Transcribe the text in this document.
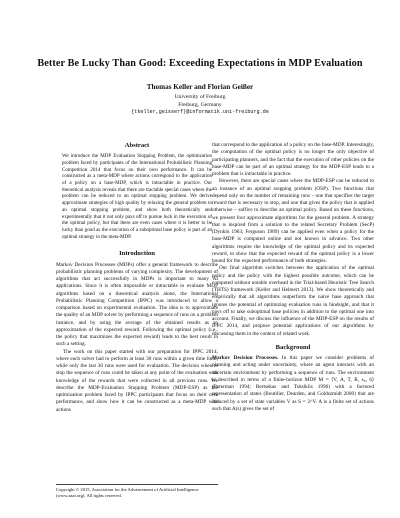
Better Be Lucky Than Good: Exceeding Expectations in MDP Evaluation
Thomas Keller and Florian Geißer
University of Freiburg
Freiburg, Germany
{tkeller,geisserf}@informatik.uni-freiburg.de
Abstract

We introduce the MDP Evaluation Stopping Problem, the optimization problem faced by participants of the International Probabilistic Planning Competition 2014 that focus on their own performance. It can be constructed as a meta-MDP where actions correspond to the application of a policy on a base-MDP, which is intractable in practice. Our theoretical analysis reveals that there are tractable special cases where the problem can be reduced to an optimal stopping problem. We derive approximate strategies of high quality by relaxing the general problem to an optimal stopping problem, and show both theoretically and experimentally that it not only pays off to pursue luck in the execution of the optimal policy, but that there are even cases where it is better to be lucky than good as the execution of a suboptimal base policy is part of an optimal strategy in the meta-MDP.

Introduction

Markov Decision Processes (MDPs) offer a general framework to describe probabilistic planning problems of varying complexity. The development of algorithms that act successfully in MDPs is important to many AI applications. Since it is often impossible or intractable to evaluate MDP algorithms based on a theoretical analysis alone, the International Probabilistic Planning Competition (IPPC) was introduced to allow a comparison based on experimental evaluation. The idea is to approximate the quality of an MDP solver by performing a sequence of runs on a problem instance, and by using the average of the obtained results as an approximation of the expected reward. Following the optimal policy (i.e., the policy that maximizes the expected reward) leads to the best result in such a setting.

The work on this paper started with our preparation for IPPC 2014, where each solver had to perform at least 30 runs within a given time limit, while only the last 30 runs were used for evaluation. The decision when to stop the sequence of runs could be taken at any point of the evaluation with knowledge of the rewards that were collected in all previous runs. We describe the MDP-Evaluation Stopping Problem (MDP-ESP) as the optimization problem faced by IPPC participants that focus on their own performance, and show how it can be constructed as a meta-MDP with actions

Copyright © 2015, Association for the Advancement of Artificial Intelligence (www.aaai.org). All rights reserved.

that correspond to the application of a policy on the base-MDP. Interestingly, the computation of the optimal policy is no longer the only objective of participating planners, and the fact that the execution of other policies on the base-MDP can be part of an optimal strategy for the MDP-ESP leads to a problem that is intractable in practice.

However, there are special cases where the MDP-ESP can be reduced to an instance of an optimal stopping problem (OSP). Two functions that depend only on the number of remaining runs – one that specifies the target reward that is necessary to stop, and one that gives the policy that is applied otherwise – suffice to describe an optimal policy. Based on these functions, we present four approximate algorithms for the general problem. A strategy that is inspired from a solution to the related Secretary Problem (SecP) (Dynkin 1963; Ferguson 1989) can be applied even when a policy for the base-MDP is computed online and not known in advance. Two other algorithms require the knowledge of the optimal policy and its expected reward, to show that the expected reward of the optimal policy is a lower bound for the expected performance of both strategies.

Our final algorithm switches between the application of the optimal policy and the policy with the highest possible outcome, which can be computed without notable overhead in the Trial-based Heuristic Tree Search (THTS) framework (Keller and Helmert 2013). We show theoretically and empirically that all algorithms outperform the naive base approach that ignores the potential of optimizing evaluation runs in hindsight, and that it pays off to take suboptimal base policies in addition to the optimal one into account. Finally, we discuss the influence of the MDP-ESP on the results of IPPC 2014, and propose potential applications of our algorithms by discussing them in the context of related work.

Background

Markov Decision Processes. In this paper we consider problems of planning and acting under uncertainty, where an agent interacts with an uncertain environment by performing a sequence of runs. The environment is described in terms of a finite-horizon MDP M = ⟨V, A, T, R, s₀, h⟩ (Puterman 1994; Bertsekas and Tsitsiklis 1996) with a factored representation of states (Boutilier, Dearden, and Goldszmidt 2000) that are induced by a set of state variables V as S = 2^V. A is a finite set of actions such that A(s) gives the set of
